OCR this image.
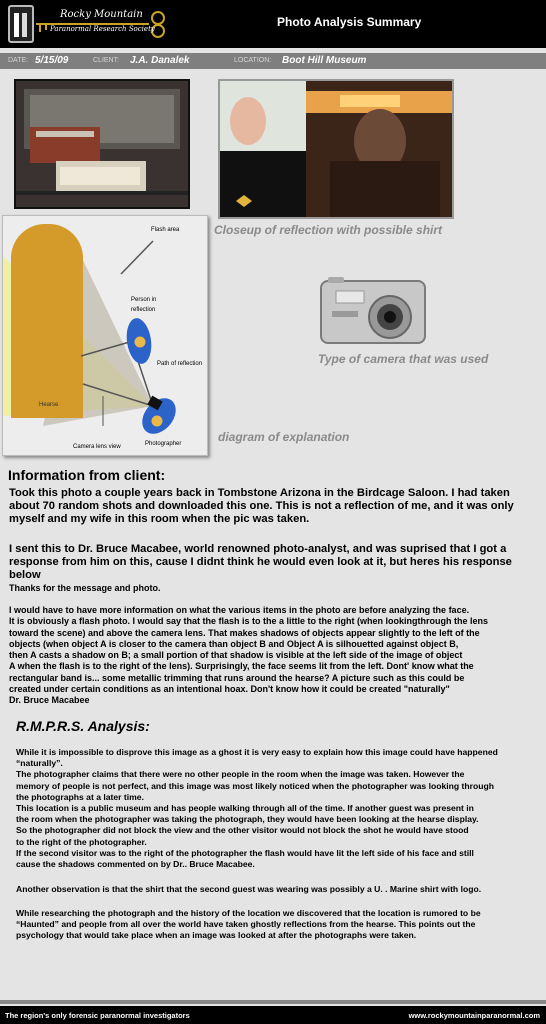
Rocky Mountain
Paranormal Research Society	Photo Analysis Summary
DATE: 5/15/09	CLIENT: J.A. Danalek	LOCATION: Boot Hill Museum
Flash area
Person in
reflection
Path of reflection
Hearse
Camera lens view	Photographer
Closeup of reflection with possible shirt
Type of camera that was used
diagram of explanation
Information from client:
Took this photo a couple years back in Tombstone Arizona in the Birdcage Saloon. I had taken about 70 random shots and downloaded this one. This is not a reflection of me, and it was only myself and my wife in this room when the pic was taken.
I sent this to Dr. Bruce Macabee, world renowned photo-analyst, and was suprised that I got a response from him on this, cause I didnt think he would even look at it, but heres his response below
Thanks for the message and photo.
I would have to have more information on what the various items in the photo are before analyzing the face.
It is obviously a flash photo. I would say that the flash is to the a little to the right (when lookingthrough the lens
toward the scene) and above the camera lens. That makes shadows of objects appear slightly to the left of the
objects (when object A is closer to the camera than object B and Object A is silhouetted against object B,
then A casts a shadow on B; a small portion of that shadow is visible at the left side of the image of object
A when the flash is to the right of the lens). Surprisingly, the face seems lit from the left. Dont' know what the
rectangular band is... some metallic trimming that runs around the hearse? A picture such as this could be
created under certain conditions as an intentional hoax. Don't know how it could be created "naturally"
Dr. Bruce Macabee
R.M.P.R.S. Analysis:
While it is impossible to disprove this image as a ghost it is very easy to explain how this image could have happened
“naturally”.
The photographer claims that there were no other people in the room when the image was taken. However the
memory of people is not perfect, and this image was most likely noticed when the photographer was looking through
the photographs at a later time.
This location is a public museum and has people walking through all of the time. If another guest was present in
the room when the photographer was taking the photograph, they would have been looking at the hearse display.
So the photographer did not block the view and the other visitor would not block the shot he would have stood
to the right of the photographer.
If the second visitor was to the right of the photographer the flash would have lit the left side of his face and still
cause the shadows commented on by Dr.. Bruce Macabee.
Another observation is that the shirt that the second guest was wearing was possibly a U. . Marine shirt with logo.
While researching the photograph and the history of the location we discovered that the location is rumored to be
“Haunted” and people from all over the world have taken ghostly reflections from the hearse. This points out the
psychology that would take place when an image was looked at after the photographs were taken.
The region's only forensic paranormal investigators	www.rockymountainparanormal.com
